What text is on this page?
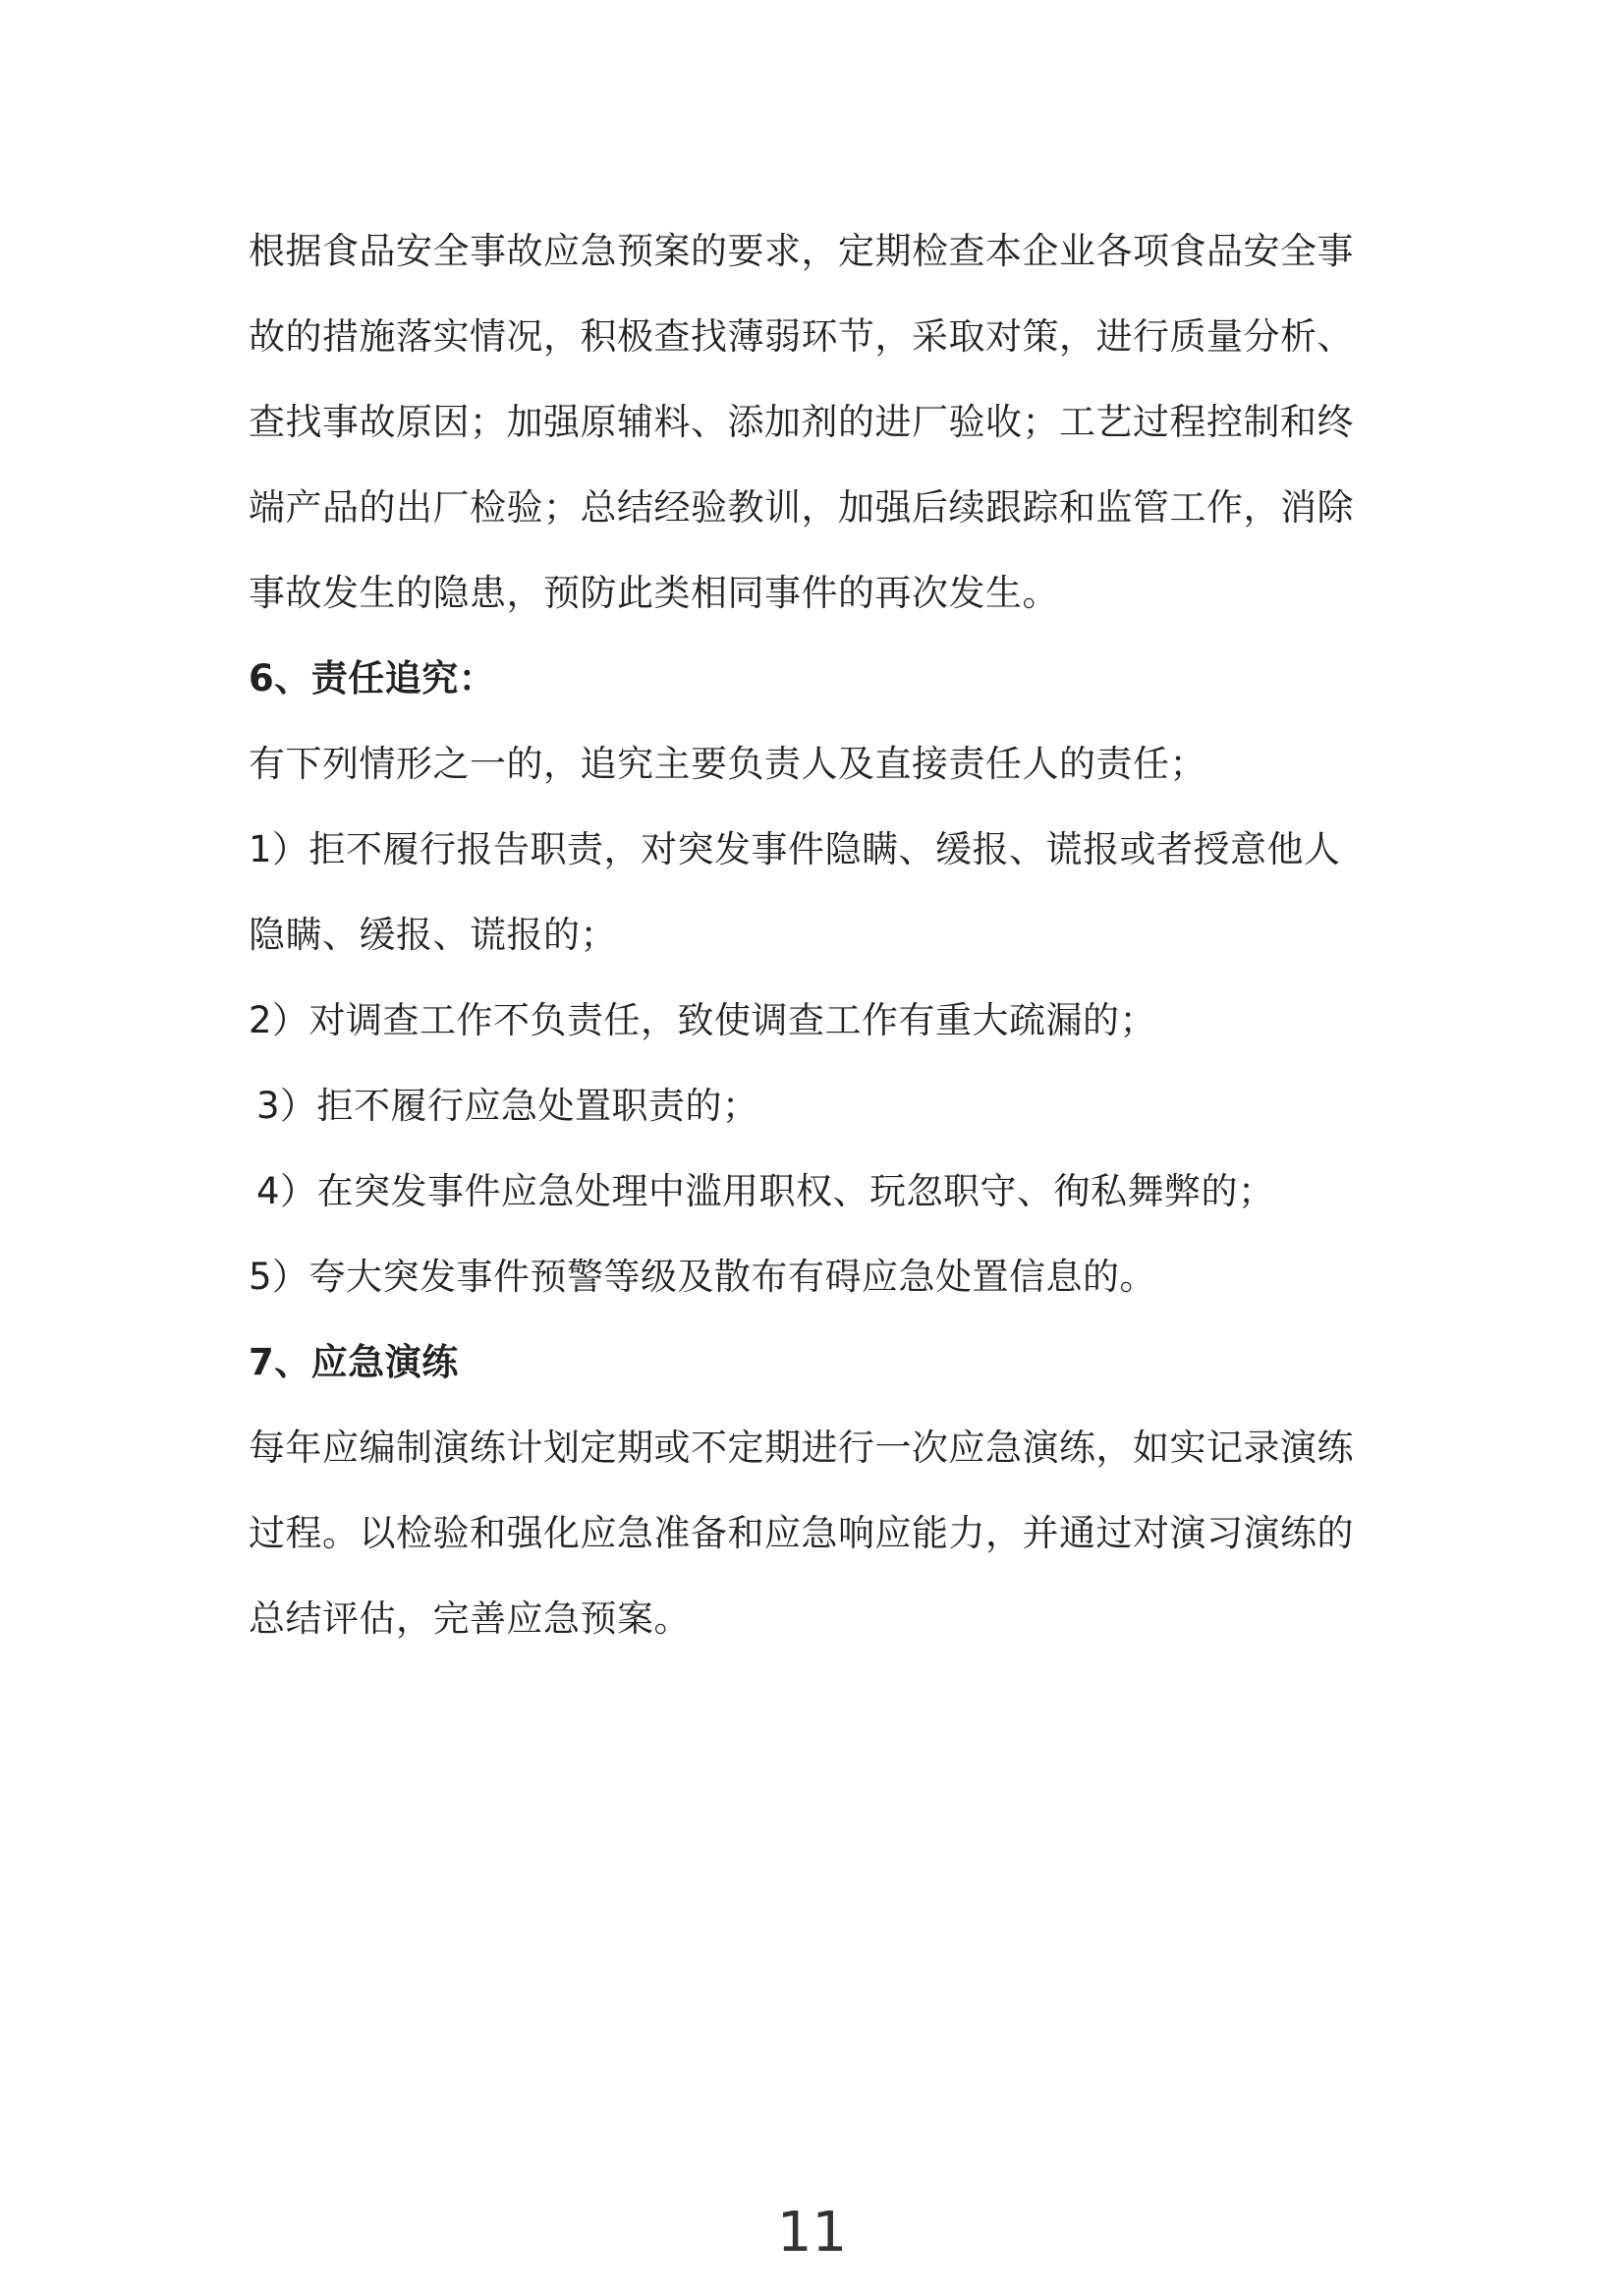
根据食品安全事故应急预案的要求，定期检查本企业各项食品安全事
故的措施落实情况，积极查找薄弱环节，采取对策，进行质量分析、
查找事故原因；加强原辅料、添加剂的进厂验收；工艺过程控制和终
端产品的出厂检验；总结经验教训，加强后续跟踪和监管工作，消除
事故发生的隐患，预防此类相同事件的再次发生。
6、责任追究：
有下列情形之一的，追究主要负责人及直接责任人的责任；
1）拒不履行报告职责，对突发事件隐瞒、缓报、谎报或者授意他人
隐瞒、缓报、谎报的；
2）对调查工作不负责任，致使调查工作有重大疏漏的；
3）拒不履行应急处置职责的；
4）在突发事件应急处理中滥用职权、玩忽职守、徇私舞弊的；
5）夸大突发事件预警等级及散布有碍应急处置信息的。
7、应急演练
每年应编制演练计划定期或不定期进行一次应急演练，如实记录演练
过程。以检验和强化应急准备和应急响应能力，并通过对演习演练的
总结评估，完善应急预案。
11
